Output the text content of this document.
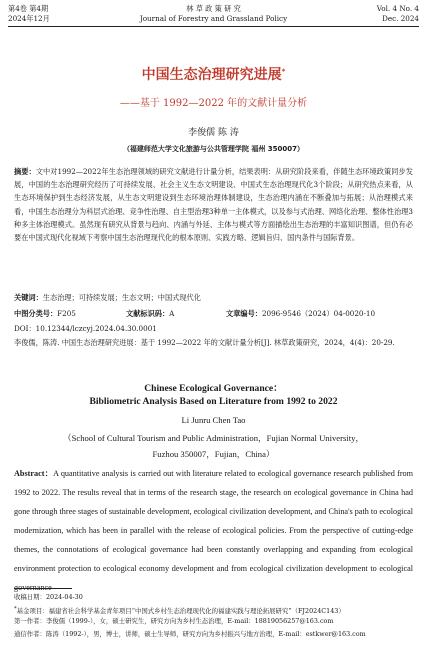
第4卷 第4期
2024年12月
林 草 政 策 研 究
Journal of Forestry and Grassland Policy
Vol. 4 No. 4
Dec. 2024
中国生态治理研究进展*
——基于 1992—2022 年的文献计量分析
李俊儒 陈 涛
（福建师范大学文化旅游与公共管理学院 福州 350007）
摘要：文中对1992—2022年生态治理领域的研究文献进行计量分析，结果表明：从研究阶段来看，伴随生态环境政策同步发展，中国的生态治理研究经历了可持续发展、社会主义生态文明建设、中国式生态治理现代化3个阶段；从研究热点来看，从生态环境保护到生态经济发展，从生态文明建设到生态环境治理体制建设，生态治理内涵在不断叠加与拓展；从治理模式来看，中国生态治理分为科层式治理、竞争性治理、自主型治理3种单一主体模式，以及参与式治理、网络化治理、整体性治理3种多主体治理模式。虽然现有研究从背景与趋向、内涵与外延、主体与模式等方面描绘出生态治理的丰富知识图谱，但仍有必要在中国式现代化视域下考察中国生态治理现代化的根本原则、实践方略、逻辑旨归、国内条件与国际背景。
关键词：生态治理；可持续发展；生态文明；中国式现代化
中图分类号：F205	文献标识码：A	文章编号：2096-9546（2024）04-0020-10
DOI：10.12344/lczcyj.2024.04.30.0001
李俊儒，陈涛. 中国生态治理研究进展：基于 1992—2022 年的文献计量分析[J]. 林草政策研究，2024，4(4)：20-29.
Chinese Ecological Governance：
Bibliometric Analysis Based on Literature from 1992 to 2022
Li Junru Chen Tao
（School of Cultural Tourism and Public Administration，Fujian Normal University，
Fuzhou 350007，Fujian，China）
Abstract：A quantitative analysis is carried out with literature related to ecological governance research published from 1992 to 2022. The results reveal that in terms of the research stage, the research on ecological governance in China had gone through three stages of sustainable development, ecological civilization development, and China's path to ecological modernization, which has been in parallel with the release of ecological policies. From the perspective of cutting-edge themes, the connotations of ecological governance had been constantly overlapping and expanding from ecological environment protection to ecological economy development and from ecological civilization development to ecological governance
收稿日期：2024-04-30
*基金项目：福建省社会科学基金青年项目“中国式乡村生态治理现代化的福建实践与理论拓展研究”（FJ2024C143）
第一作者：李俊儒（1999-），女，硕士研究生，研究方向为乡村生态治理，E-mail：18819056257@163.com
通信作者：陈涛（1992-），男，博士，讲师，硕士生导师，研究方向为乡村振兴与地方治理，E-mail：estkwer@163.com
